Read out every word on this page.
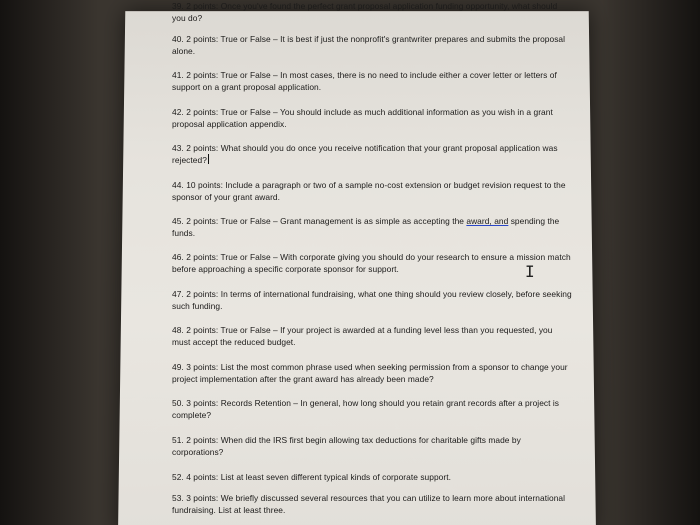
39. 2 points: Once you've found the perfect grant proposal application funding opportunity, what should you do?
40. 2 points: True or False – It is best if just the nonprofit's grantwriter prepares and submits the proposal alone.
41. 2 points: True or False – In most cases, there is no need to include either a cover letter or letters of support on a grant proposal application.
42. 2 points: True or False – You should include as much additional information as you wish in a grant proposal application appendix.
43. 2 points: What should you do once you receive notification that your grant proposal application was rejected?
44. 10 points: Include a paragraph or two of a sample no-cost extension or budget revision request to the sponsor of your grant award.
45. 2 points: True or False – Grant management is as simple as accepting the award, and spending the funds.
46. 2 points: True or False – With corporate giving you should do your research to ensure a mission match before approaching a specific corporate sponsor for support.
47. 2 points: In terms of international fundraising, what one thing should you review closely, before seeking such funding.
48. 2 points: True or False – If your project is awarded at a funding level less than you requested, you must accept the reduced budget.
49. 3 points: List the most common phrase used when seeking permission from a sponsor to change your project implementation after the grant award has already been made?
50. 3 points: Records Retention – In general, how long should you retain grant records after a project is complete?
51. 2 points: When did the IRS first begin allowing tax deductions for charitable gifts made by corporations?
52. 4 points: List at least seven different typical kinds of corporate support.
53. 3 points: We briefly discussed several resources that you can utilize to learn more about international fundraising. List at least three.
I
